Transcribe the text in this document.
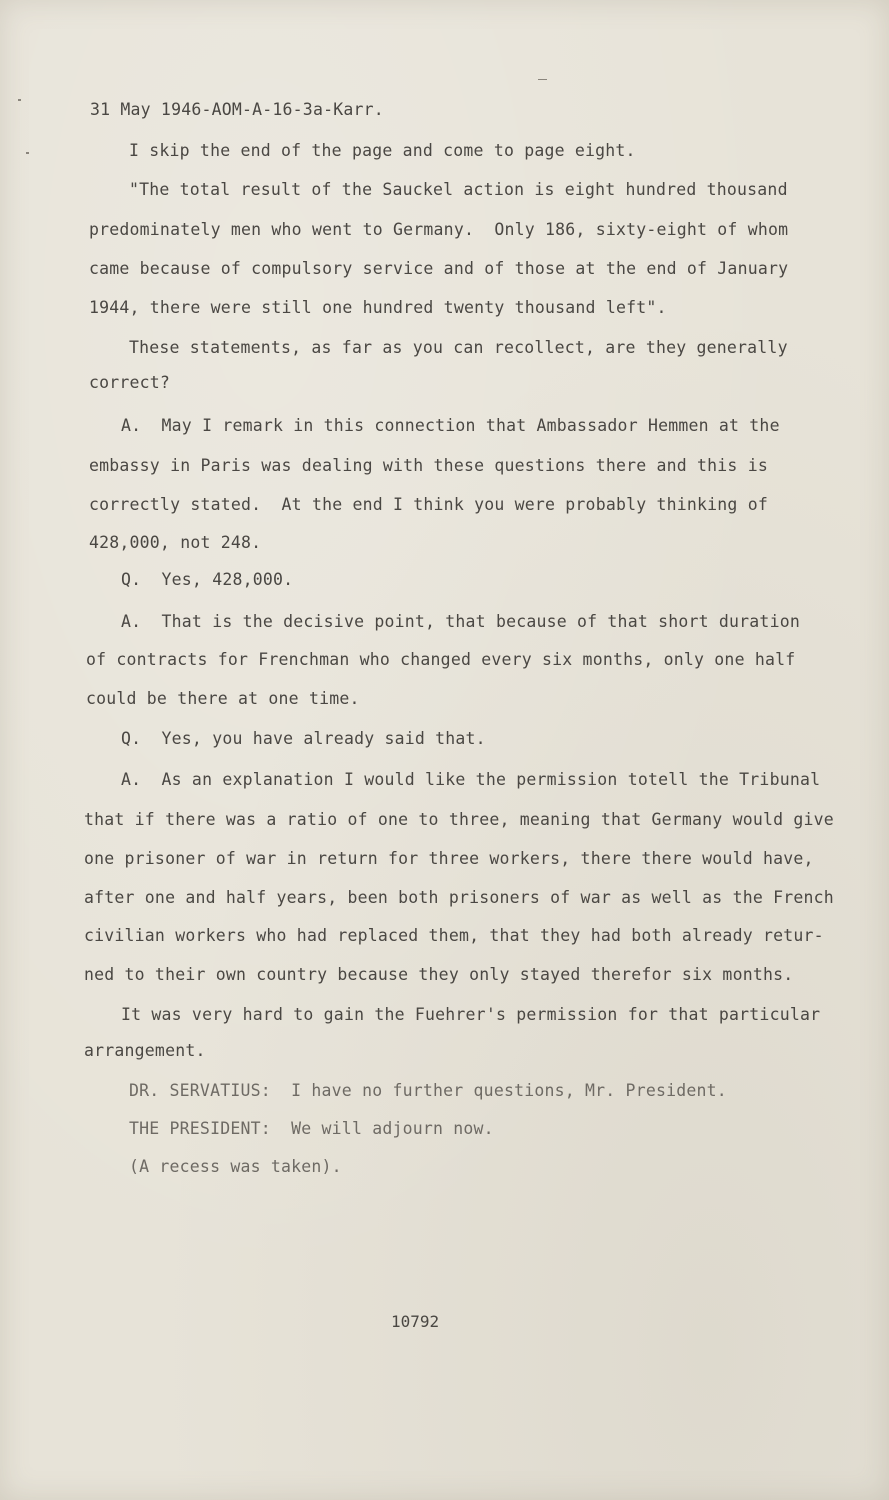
31 May 1946-AOM-A-16-3a-Karr.
I skip the end of the page and come to page eight.
"The total result of the Sauckel action is eight hundred thousand
predominately men who went to Germany.  Only 186, sixty-eight of whom
came because of compulsory service and of those at the end of January
1944, there were still one hundred twenty thousand left".
These statements, as far as you can recollect, are they generally
correct?
A.  May I remark in this connection that Ambassador Hemmen at the
embassy in Paris was dealing with these questions there and this is
correctly stated.  At the end I think you were probably thinking of
428,000, not 248.
Q.  Yes, 428,000.
A.  That is the decisive point, that because of that short duration
of contracts for Frenchman who changed every six months, only one half
could be there at one time.
Q.  Yes, you have already said that.
A.  As an explanation I would like the permission totell the Tribunal
that if there was a ratio of one to three, meaning that Germany would give
one prisoner of war in return for three workers, there there would have,
after one and half years, been both prisoners of war as well as the French
civilian workers who had replaced them, that they had both already retur-
ned to their own country because they only stayed therefor six months.
It was very hard to gain the Fuehrer's permission for that particular
arrangement.
DR. SERVATIUS:  I have no further questions, Mr. President.
THE PRESIDENT:  We will adjourn now.
(A recess was taken).
10792
